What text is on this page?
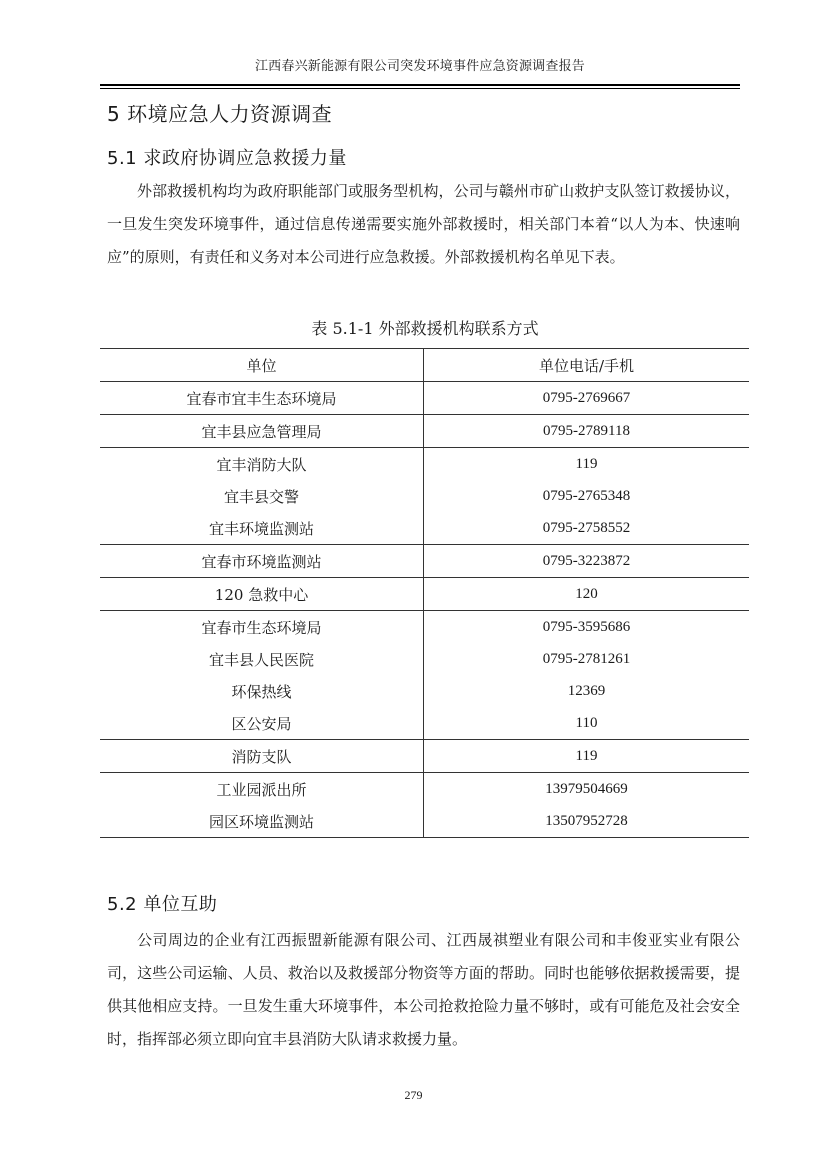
江西春兴新能源有限公司突发环境事件应急资源调查报告
5 环境应急人力资源调查
5.1 求政府协调应急救援力量
外部救援机构均为政府职能部门或服务型机构，公司与赣州市矿山救护支队签订救援协议，一旦发生突发环境事件，通过信息传递需要实施外部救援时，相关部门本着“以人为本、快速响应”的原则，有责任和义务对本公司进行应急救援。外部救援机构名单见下表。
表 5.1-1 外部救援机构联系方式
单位	单位电话/手机
宜春市宜丰生态环境局	0795-2769667
宜丰县应急管理局	0795-2789118
宜丰消防大队	119
宜丰县交警	0795-2765348
宜丰环境监测站	0795-2758552
宜春市环境监测站	0795-3223872
120 急救中心	120
宜春市生态环境局	0795-3595686
宜丰县人民医院	0795-2781261
环保热线	12369
区公安局	110
消防支队	119
工业园派出所	13979504669
园区环境监测站	13507952728
5.2 单位互助
公司周边的企业有江西振盟新能源有限公司、江西晟祺塑业有限公司和丰俊亚实业有限公司，这些公司运输、人员、救治以及救援部分物资等方面的帮助。同时也能够依据救援需要，提供其他相应支持。一旦发生重大环境事件，本公司抢救抢险力量不够时，或有可能危及社会安全时，指挥部必须立即向宜丰县消防大队请求救援力量。
279
